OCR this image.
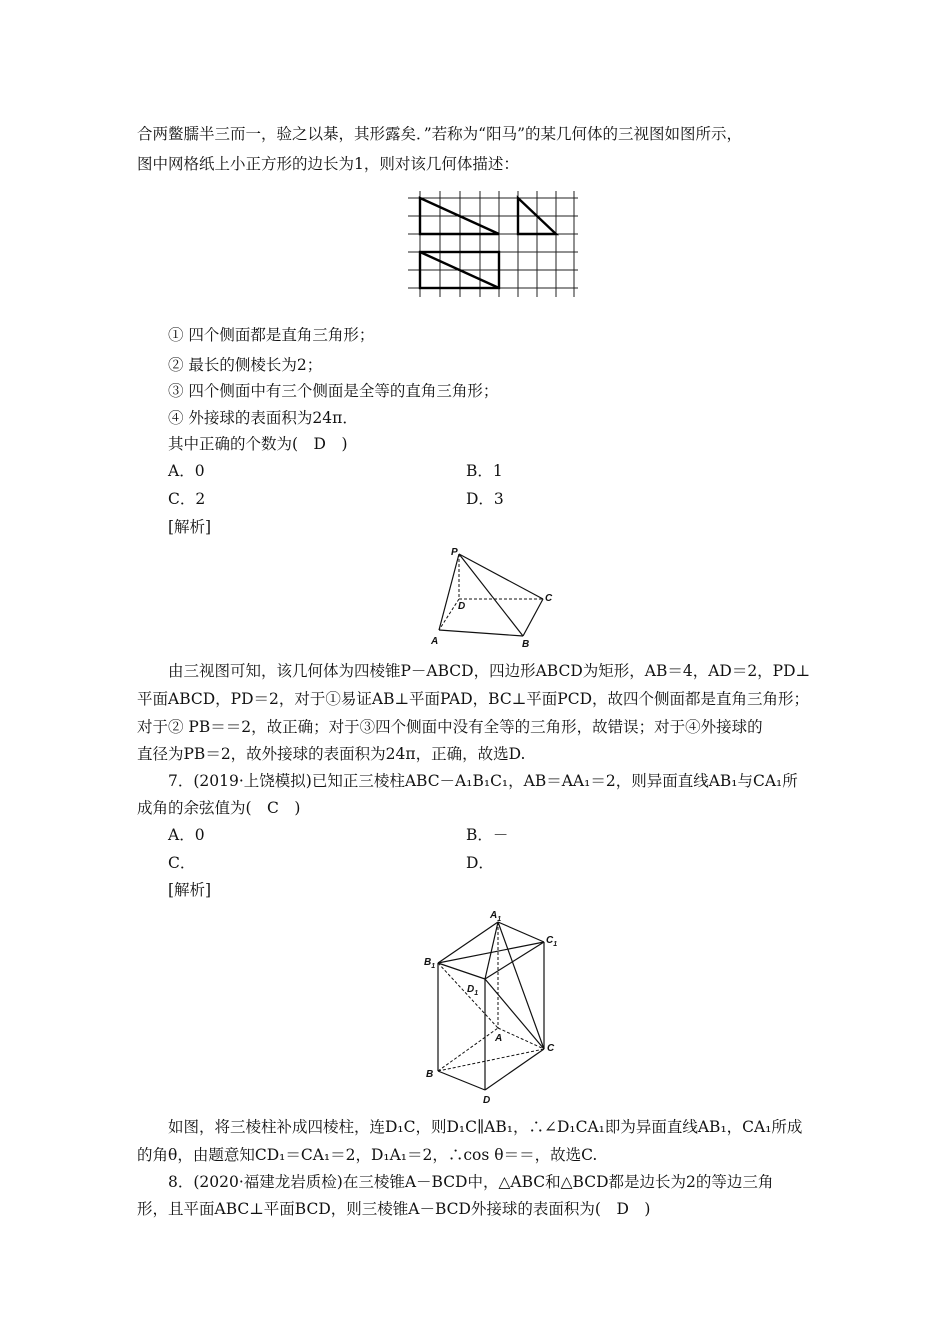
合两鳖臑半三而一，验之以棊，其形露矣．”若称为“阳马”的某几何体的三视图如图所示，
图中网格纸上小正方形的边长为1，则对该几何体描述：
① 四个侧面都是直角三角形；
② 最长的侧棱长为2；
③ 四个侧面中有三个侧面是全等的直角三角形；
④ 外接球的表面积为24π．
其中正确的个数为(　D　)
A．0	B．1
C．2	D．3
[解析]
P
D
C
A	B
由三视图可知，该几何体为四棱锥P－ABCD，四边形ABCD为矩形，AB＝4，AD＝2，PD⊥
平面ABCD，PD＝2，对于①易证AB⊥平面PAD，BC⊥平面PCD，故四个侧面都是直角三角形；
对于② PB＝＝2，故正确；对于③四个侧面中没有全等的三角形，故错误；对于④外接球的
直径为PB＝2，故外接球的表面积为24π，正确，故选D.
7．(2019·上饶模拟)已知正三棱柱ABC－A₁B₁C₁，AB＝AA₁＝2，则异面直线AB₁与CA₁所
成角的余弦值为(　C　)
A．0	B．－
C．	D．
[解析]
$A_1$
$C_1$
$B_1$
$D_1$
A
C
B
D
如图，将三棱柱补成四棱柱，连D₁C，则D₁C∥AB₁，∴∠D₁CA₁即为异面直线AB₁，CA₁所成
的角θ，由题意知CD₁＝CA₁＝2，D₁A₁＝2，∴cos θ＝＝，故选C.
8．(2020·福建龙岩质检)在三棱锥A－BCD中，△ABC和△BCD都是边长为2的等边三角
形，且平面ABC⊥平面BCD，则三棱锥A－BCD外接球的表面积为(　D　)
